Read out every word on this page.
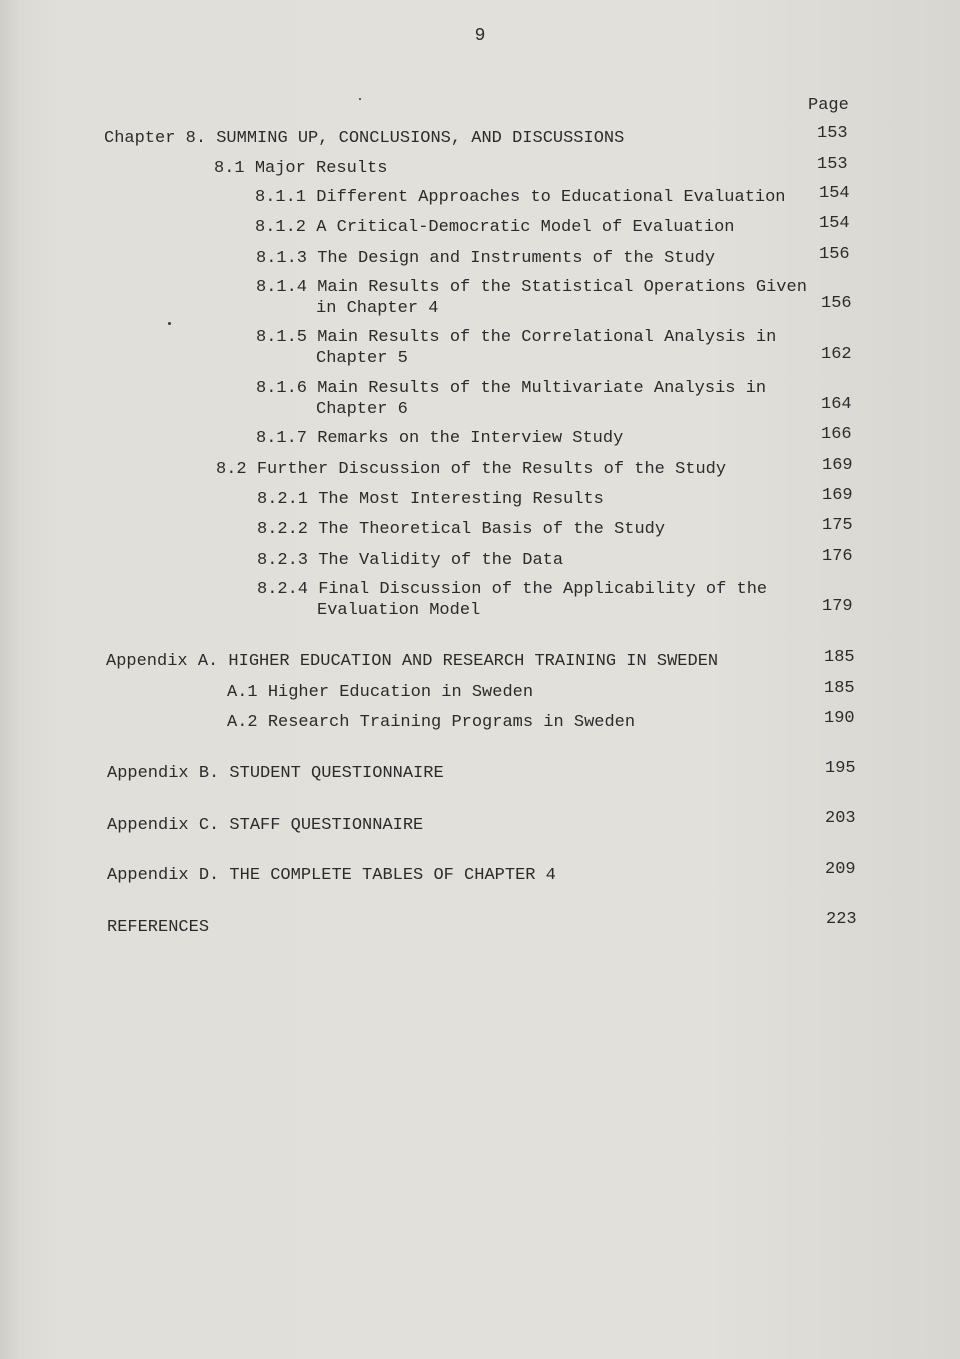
9
Page
Chapter 8. SUMMING UP, CONCLUSIONS, AND DISCUSSIONS	153
8.1 Major Results	153
8.1.1 Different Approaches to Educational Evaluation 154
8.1.2 A Critical-Democratic Model of Evaluation	154
8.1.3 The Design and Instruments of the Study	156
8.1.4 Main Results of the Statistical Operations Given
in Chapter 4	156
8.1.5 Main Results of the Correlational Analysis in
Chapter 5	162
8.1.6 Main Results of the Multivariate Analysis in
Chapter 6	164
8.1.7 Remarks on the Interview Study	166
8.2 Further Discussion of the Results of the Study	169
8.2.1 The Most Interesting Results	169
8.2.2 The Theoretical Basis of the Study	175
8.2.3 The Validity of the Data	176
8.2.4 Final Discussion of the Applicability of the
Evaluation Model	179
Appendix A. HIGHER EDUCATION AND RESEARCH TRAINING IN SWEDEN	185
A.1 Higher Education in Sweden	185
A.2 Research Training Programs in Sweden	190
Appendix B. STUDENT QUESTIONNAIRE	195
Appendix C. STAFF QUESTIONNAIRE	203
Appendix D. THE COMPLETE TABLES OF CHAPTER 4	209
REFERENCES	223
